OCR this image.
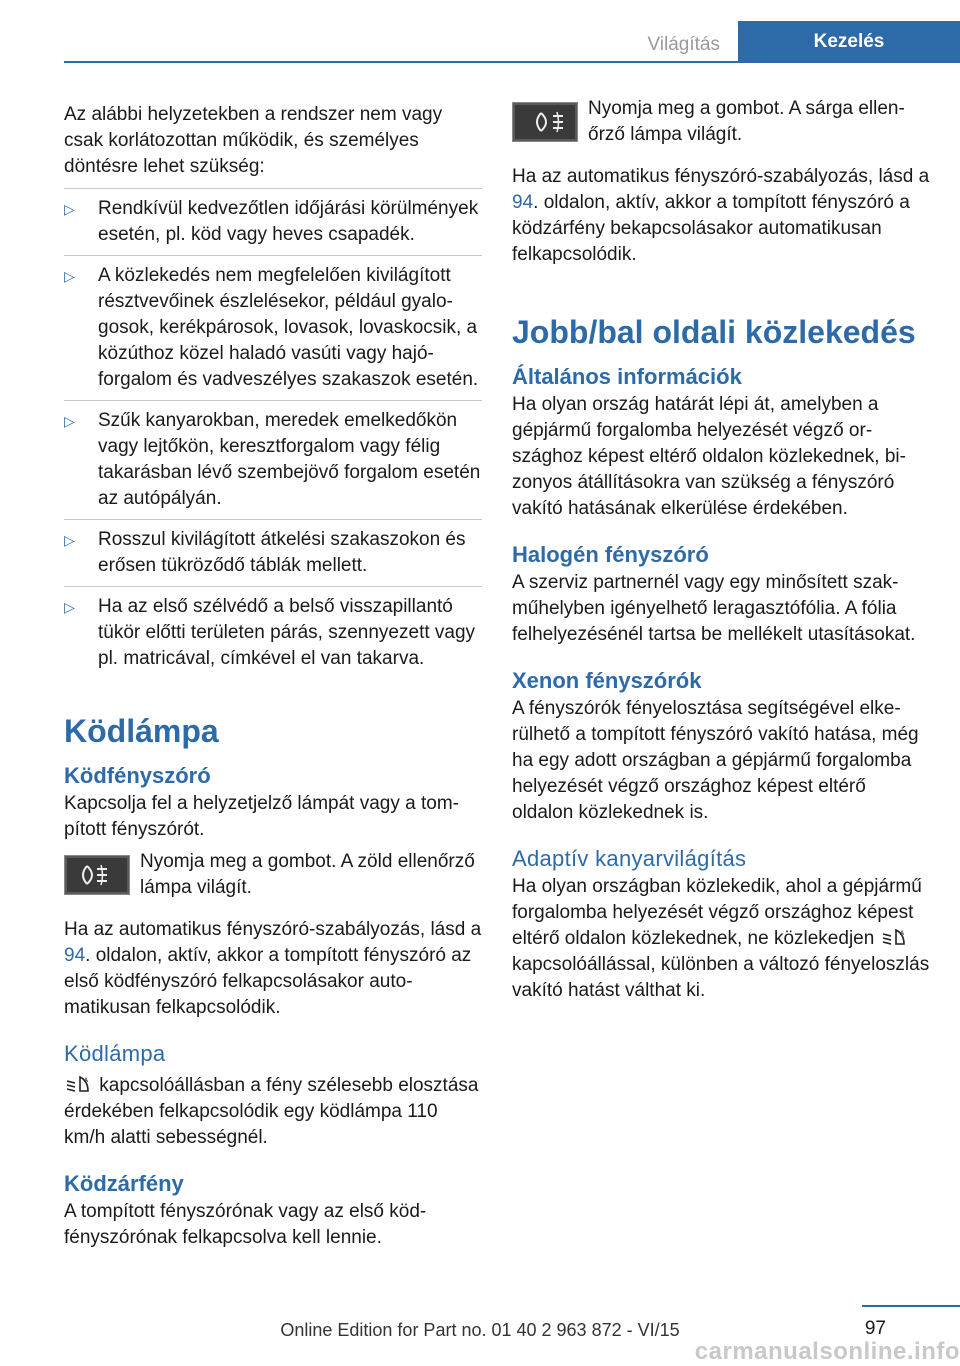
Világítás	Kezelés

Az alábbi helyzetekben a rendszer nem vagy csak korlátozottan működik, és személyes döntésre lehet szükség:

▷ Rendkívül kedvezőtlen időjárási körülmények esetén, pl. köd vagy heves csapadék.
▷ A közlekedés nem megfelelően kivilágított résztvevőinek észlelésekor, például gyalogosok, kerékpárosok, lovasok, lovaskocsik, a közúthoz közel haladó vasúti vagy hajóforgalom és vadveszélyes szakaszok esetén.
▷ Szűk kanyarokban, meredek emelkedőkön vagy lejtőkön, keresztforgalom vagy félig takarásban lévő szembejövő forgalom esetén az autópályán.
▷ Rosszul kivilágított átkelési szakaszokon és erősen tükröződő táblák mellett.
▷ Ha az első szélvédő a belső visszapillantó tükör előtti területen párás, szennyezett vagy pl. matricával, címkével el van takarva.
Ködlámpa
Ködfényszóró

Kapcsolja fel a helyzetjelző lámpát vagy a tompított fényszórót.

Nyomja meg a gombot. A zöld ellenőrző lámpa világít.

Ha az automatikus fényszóró-szabályozás, lásd a 94. oldalon, aktív, akkor a tompított fényszóró az első ködfényszóró felkapcsolásakor automatikusan felkapcsolódik.

Ködlámpa

A kapcsolóállásban a fény szélesebb elosztása érdekében felkapcsolódik egy ködlámpa 110 km/h alatti sebességnél.

Ködzárfény

A tompított fényszórónak vagy az első ködfényszórónak felkapcsolva kell lennie.

Nyomja meg a gombot. A sárga ellenőrző lámpa világít.

Ha az automatikus fényszóró-szabályozás, lásd a 94. oldalon, aktív, akkor a tompított fényszóró a ködzárfény bekapcsolásakor automatikusan felkapcsolódik.

Jobb/bal oldali közlekedés
Általános információk

Ha olyan ország határát lépi át, amelyben a gépjármű forgalomba helyezését végző országhoz képest eltérő oldalon közlekednek, bizonyos átállításokra van szükség a fényszóró vakító hatásának elkerülése érdekében.

Halogén fényszóró

A szerviz partnernél vagy egy minősített szakműhelyben igényelhető leragasztófólia. A fólia felhelyezésénél tartsa be mellékelt utasításokat.

Xenon fényszórók

A fényszórók fényelosztása segítségével elkerülhető a tompított fényszóró vakító hatása, még ha egy adott országban a gépjármű forgalomba helyezését végző országhoz képest eltérő oldalon közlekednek is.

Adaptív kanyarvilágítás

Ha olyan országban közlekedik, ahol a gépjármű forgalomba helyezését végző országhoz képest eltérő oldalon közlekednek, ne közlekedjen	A
kapcsolóállással, különben a változó fényeloszlás vakító hatást válthat ki.

97
Online Edition for Part no. 01 40 2 963 872 - VI/15
carmanualsonline.info
